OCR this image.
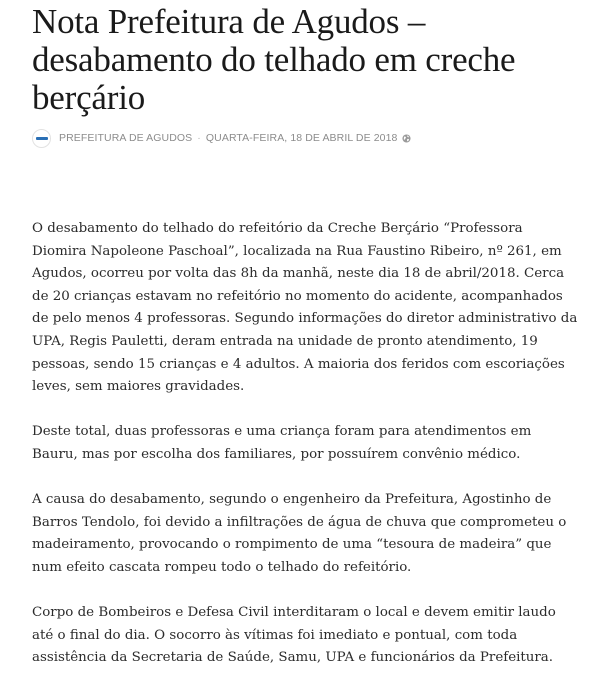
Nota Prefeitura de Agudos – desabamento do telhado em creche berçário
PREFEITURA DE AGUDOS · QUARTA-FEIRA, 18 DE ABRIL DE 2018

O desabamento do telhado do refeitório da Creche Berçário “Professora Diomira Napoleone Paschoal”, localizada na Rua Faustino Ribeiro, nº 261, em Agudos, ocorreu por volta das 8h da manhã, neste dia 18 de abril/2018. Cerca de 20 crianças estavam no refeitório no momento do acidente, acompanhados de pelo menos 4 professoras. Segundo informações do diretor administrativo da UPA, Regis Pauletti, deram entrada na unidade de pronto atendimento, 19 pessoas, sendo 15 crianças e 4 adultos. A maioria dos feridos com escoriações leves, sem maiores gravidades.

Deste total, duas professoras e uma criança foram para atendimentos em Bauru, mas por escolha dos familiares, por possuírem convênio médico.

A causa do desabamento, segundo o engenheiro da Prefeitura, Agostinho de Barros Tendolo, foi devido a infiltrações de água de chuva que comprometeu o madeiramento, provocando o rompimento de uma “tesoura de madeira” que num efeito cascata rompeu todo o telhado do refeitório.

Corpo de Bombeiros e Defesa Civil interditaram o local e devem emitir laudo até o final do dia. O socorro às vítimas foi imediato e pontual, com toda assistência da Secretaria de Saúde, Samu, UPA e funcionários da Prefeitura.
